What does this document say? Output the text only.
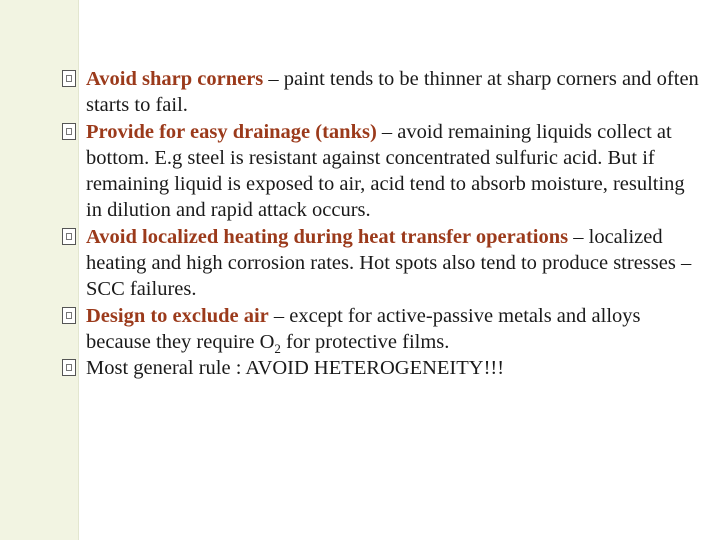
Avoid sharp corners – paint tends to be thinner at sharp corners and often starts to fail.

Provide for easy drainage (tanks) – avoid remaining liquids collect at bottom. E.g steel is resistant against concentrated sulfuric acid. But if remaining liquid is exposed to air, acid tend to absorb moisture, resulting in dilution and rapid attack occurs.

Avoid localized heating during heat transfer operations – localized heating and high corrosion rates. Hot spots also tend to produce stresses – SCC failures.

Design to exclude air – except for active-passive metals and alloys because they require $O_2$ for protective films.

Most general rule : AVOID HETEROGENEITY!!!
